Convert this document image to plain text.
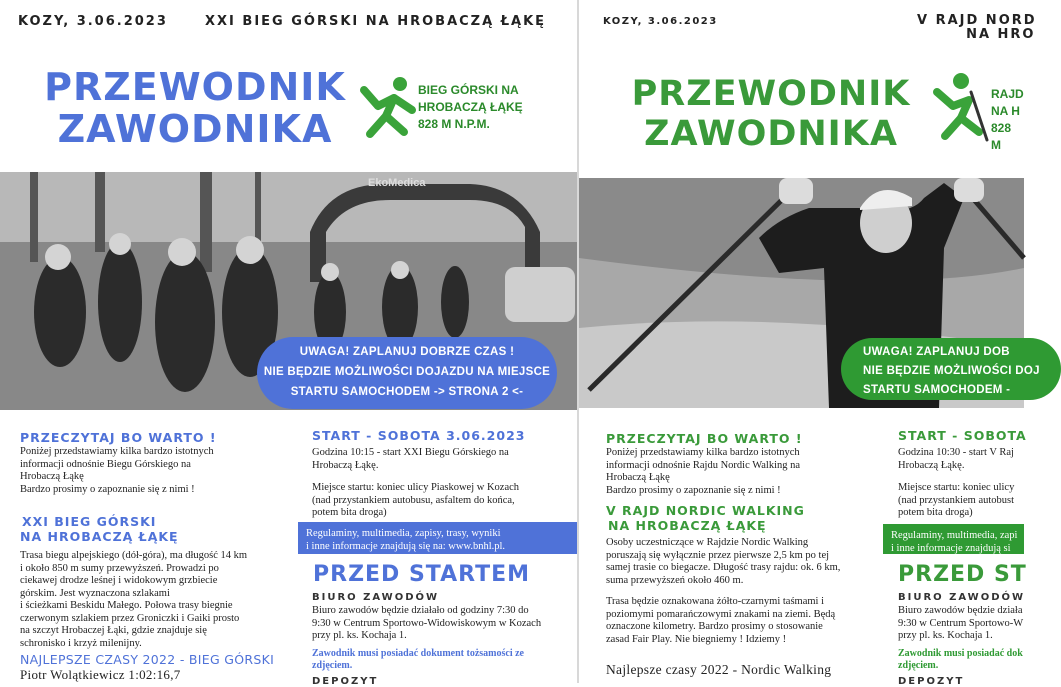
KOZY, 3.06.2023	XXI BIEG GÓRSKI NA HROBACZĄ ŁĄKĘ
PRZEWODNIK
ZAWODNIKA
BIEG GÓRSKI NA
HROBACZĄ ŁĄKĘ
828 M N.P.M.
EkoMedica
UWAGA! ZAPLANUJ DOBRZE CZAS !
NIE BĘDZIE MOŻLIWOŚCI DOJAZDU NA MIEJSCE
STARTU SAMOCHODEM -> STRONA 2 <-
PRZECZYTAJ BO WARTO !
Poniżej przedstawiamy kilka bardzo istotnych
informacji odnośnie Biegu Górskiego na
Hrobaczą Łąkę
Bardzo prosimy o zapoznanie się z nimi !
XXI BIEG GÓRSKI
NA HROBACZĄ ŁĄKĘ
Trasa biegu alpejskiego (dół-góra), ma długość 14 km
i około 850 m sumy przewyższeń. Prowadzi po
ciekawej drodze leśnej i widokowym grzbiecie
górskim. Jest wyznaczona szlakami
i ścieżkami Beskidu Małego. Połowa trasy biegnie
czerwonym szlakiem przez Groniczki i Gaiki prosto
na szczyt Hrobaczej Łąki, gdzie znajduje się
schronisko i krzyż milenijny.
NAJLEPSZE CZASY 2022 - BIEG GÓRSKI
Piotr Wolątkiewicz 1:02:16,7
START - SOBOTA 3.06.2023
Godzina 10:15 - start XXI Biegu Górskiego na
Hrobaczą Łąkę.
Miejsce startu: koniec ulicy Piaskowej w Kozach
(nad przystankiem autobusu, asfaltem do końca,
potem bita droga)
Regulaminy, multimedia, zapisy, trasy, wyniki
i inne informacje znajdują się na: www.bnhl.pl.
PRZED STARTEM
BIURO ZAWODÓW
Biuro zawodów będzie działało od godziny 7:30 do
9:30 w Centrum Sportowo-Widowiskowym w Kozach
przy pl. ks. Kochaja 1.
Zawodnik musi posiadać dokument tożsamości ze
zdjęciem.
DEPOZYT
KOZY, 3.06.2023	V RAJD NORD
NA HRO
PRZEWODNIK
ZAWODNIKA
RAJD
NA H
828 M
UWAGA! ZAPLANUJ DOB
NIE BĘDZIE MOŻLIWOŚCI DOJ
STARTU SAMOCHODEM -
PRZECZYTAJ BO WARTO !
Poniżej przedstawiamy kilka bardzo istotnych
informacji odnośnie Rajdu Nordic Walking na
Hrobaczą Łąkę
Bardzo prosimy o zapoznanie się z nimi !
V RAJD NORDIC WALKING
NA HROBACZĄ ŁĄKĘ
Osoby uczestniczące w Rajdzie Nordic Walking
poruszają się wyłącznie przez pierwsze 2,5 km po tej
samej trasie co biegacze. Długość trasy rajdu: ok. 6 km,
suma przewyższeń około 460 m.
Trasa będzie oznakowana żółto-czarnymi taśmami i
poziomymi pomarańczowymi znakami na ziemi. Będą
oznaczone kilometry. Bardzo prosimy o stosowanie
zasad Fair Play. Nie biegniemy ! Idziemy !
Najlepsze czasy 2022 - Nordic Walking
START - SOBOTA
Godzina 10:30 - start V Raj
Hrobaczą Łąkę.
Miejsce startu: koniec ulicy
(nad przystankiem autobust
potem bita droga)
Regulaminy, multimedia, zapi
i inne informacje znajdują si
PRZED ST
BIURO ZAWODÓW
Biuro zawodów będzie działa
9:30 w Centrum Sportowo-W
przy pl. ks. Kochaja 1.
Zawodnik musi posiadać dok
zdjęciem.
DEPOZYT
